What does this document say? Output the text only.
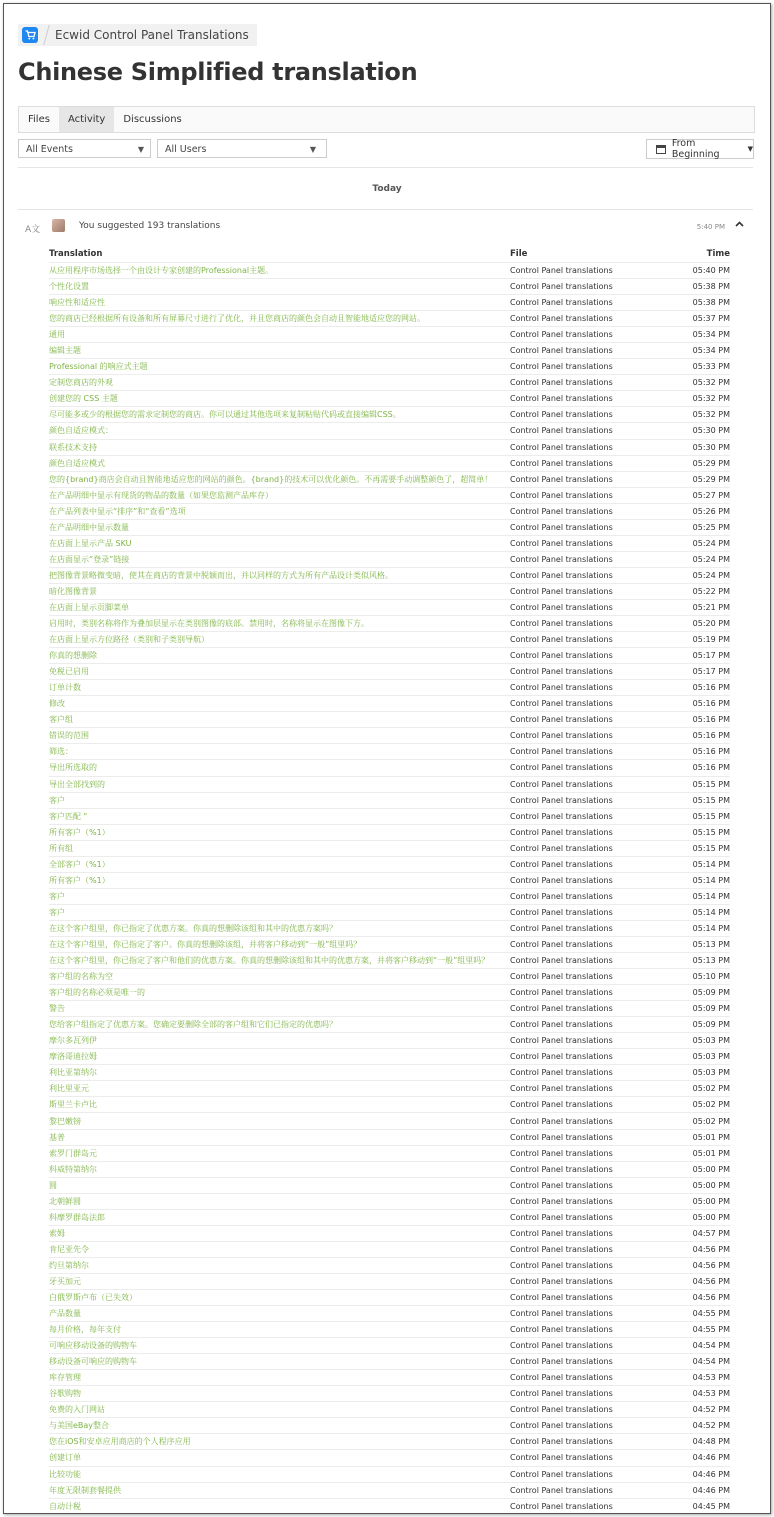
Ecwid Control Panel Translations
Chinese Simplified translation
Files	Activity	Discussions
All Events	▼	All Users	▼
From Beginning	▼
Today
A文	You suggested 193 translations	5:40 PM
Translation	File	Time
从应用程序市场选择一个由设计专家创建的Professional主题。	Control Panel translations	05:40 PM
个性化设置	Control Panel translations	05:38 PM
响应性和适应性	Control Panel translations	05:38 PM
您的商店已经根据所有设备和所有屏幕尺寸进行了优化，并且您商店的颜色会自动且智能地适应您的网站。	Control Panel translations	05:37 PM
通用	Control Panel translations	05:34 PM
编辑主题	Control Panel translations	05:34 PM
Professional 的响应式主题	Control Panel translations	05:33 PM
定制您商店的外观	Control Panel translations	05:32 PM
创建您的 CSS 主题	Control Panel translations	05:32 PM
尽可能多或少的根据您的需求定制您的商店。你可以通过其他选项来复制粘贴代码或直接编辑CSS。	Control Panel translations	05:32 PM
颜色自适应模式：	Control Panel translations	05:30 PM
联系技术支持	Control Panel translations	05:30 PM
颜色自适应模式	Control Panel translations	05:29 PM
您的{brand}商店会自动且智能地适应您的网站的颜色。{brand}的技术可以优化颜色。不再需要手动调整颜色了，超简单！	Control Panel translations	05:29 PM
在产品明细中显示有现货的物品的数量（如果您监测产品库存）	Control Panel translations	05:27 PM
在产品列表中显示“排序”和“查看”选项	Control Panel translations	05:26 PM
在产品明细中显示数量	Control Panel translations	05:25 PM
在店面上显示产品 SKU	Control Panel translations	05:24 PM
在店面显示“登录”链接	Control Panel translations	05:24 PM
把图像背景略微变暗，使其在商店的背景中脱颖而出，并以同样的方式为所有产品设计类似风格。	Control Panel translations	05:24 PM
暗化图像背景	Control Panel translations	05:22 PM
在店面上显示页脚菜单	Control Panel translations	05:21 PM
启用时，类别名称将作为叠加层显示在类别图像的底部。禁用时，名称将显示在图像下方。	Control Panel translations	05:20 PM
在店面上显示方位路径（类别和子类别导航）	Control Panel translations	05:19 PM
你真的想删除	Control Panel translations	05:17 PM
免税已启用	Control Panel translations	05:17 PM
订单计数	Control Panel translations	05:16 PM
修改	Control Panel translations	05:16 PM
客户组	Control Panel translations	05:16 PM
错误的范围	Control Panel translations	05:16 PM
筛选：	Control Panel translations	05:16 PM
导出所选取的	Control Panel translations	05:16 PM
导出全部找到的	Control Panel translations	05:15 PM
客户	Control Panel translations	05:15 PM
客户匹配 "	Control Panel translations	05:15 PM
所有客户（%1）	Control Panel translations	05:15 PM
所有组	Control Panel translations	05:15 PM
全部客户（%1）	Control Panel translations	05:14 PM
所有客户（%1）	Control Panel translations	05:14 PM
客户	Control Panel translations	05:14 PM
客户	Control Panel translations	05:14 PM
在这个客户组里，你已指定了优惠方案。你真的想删除该组和其中的优惠方案吗？	Control Panel translations	05:14 PM
在这个客户组里，你已指定了客户。你真的想删除该组，并将客户移动到“一般”组里吗？	Control Panel translations	05:13 PM
在这个客户组里，你已指定了客户和他们的优惠方案。你真的想删除该组和其中的优惠方案，并将客户移动到“一般”组里吗？	Control Panel translations	05:13 PM
客户组的名称为空	Control Panel translations	05:10 PM
客户组的名称必须是唯一的	Control Panel translations	05:09 PM
警告	Control Panel translations	05:09 PM
您给客户组指定了优惠方案。您确定要删除全部的客户组和它们已指定的优惠吗？	Control Panel translations	05:09 PM
摩尔多瓦列伊	Control Panel translations	05:03 PM
摩洛哥迪拉姆	Control Panel translations	05:03 PM
利比亚第纳尔	Control Panel translations	05:03 PM
利比里亚元	Control Panel translations	05:02 PM
斯里兰卡卢比	Control Panel translations	05:02 PM
黎巴嫩镑	Control Panel translations	05:02 PM
基普	Control Panel translations	05:01 PM
索罗门群岛元	Control Panel translations	05:01 PM
科威特第纳尔	Control Panel translations	05:00 PM
圆	Control Panel translations	05:00 PM
北朝鲜圆	Control Panel translations	05:00 PM
科摩罗群岛法郎	Control Panel translations	05:00 PM
索姆	Control Panel translations	04:57 PM
肯尼亚先令	Control Panel translations	04:56 PM
约旦第纳尔	Control Panel translations	04:56 PM
牙买加元	Control Panel translations	04:56 PM
白俄罗斯卢布（已失效）	Control Panel translations	04:56 PM
产品数量	Control Panel translations	04:55 PM
每月价格，每年支付	Control Panel translations	04:55 PM
可响应移动设备的购物车	Control Panel translations	04:54 PM
移动设备可响应的购物车	Control Panel translations	04:54 PM
库存管理	Control Panel translations	04:53 PM
谷歌购物	Control Panel translations	04:53 PM
免费的入门网站	Control Panel translations	04:52 PM
与美国eBay整合	Control Panel translations	04:52 PM
您在iOS和安卓应用商店的个人程序应用	Control Panel translations	04:48 PM
创建订单	Control Panel translations	04:46 PM
比较功能	Control Panel translations	04:46 PM
年度无限制套餐提供	Control Panel translations	04:46 PM
自动计税	Control Panel translations	04:45 PM
